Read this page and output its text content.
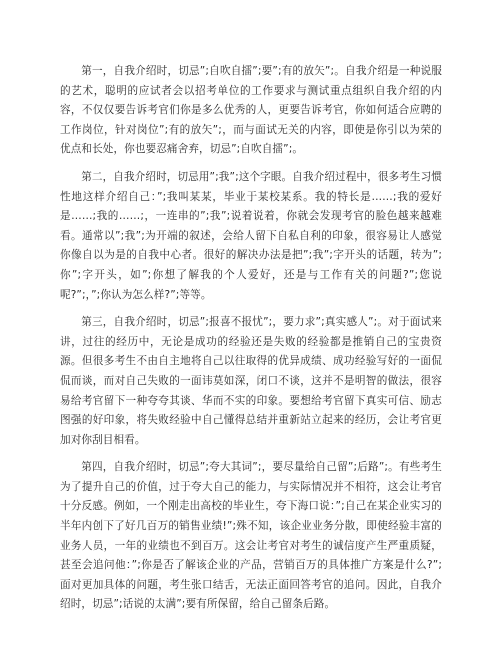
第一，自我介绍时，切忌”;自吹自擂”;要”;有的放矢”;。自我介绍是一种说服的艺术，聪明的应试者会以招考单位的工作要求与测试重点组织自我介绍的内容，不仅仅要告诉考官们你是多么优秀的人，更要告诉考官，你如何适合应聘的工作岗位，针对岗位”;有的放矢”;，而与面试无关的内容，即使是你引以为荣的优点和长处，你也要忍痛舍弃，切忌”;自吹自擂”;。

第二，自我介绍时，切忌用”;我”;这个字眼。自我介绍过程中，很多考生习惯性地这样介绍自己：”;我叫某某，毕业于某校某系。我的特长是……;我的爱好是……;我的……;，一连串的”;我”;说着说着，你就会发现考官的脸色越来越难看。通常以”;我”;为开端的叙述，会给人留下自私自利的印象，很容易让人感觉你像自以为是的自我中心者。很好的解决办法是把”;我”;字开头的话题，转为”;你”;字开头，如”;你想了解我的个人爱好，还是与工作有关的问题?”;您说呢?”;，”;你认为怎么样?”;等等。

第三，自我介绍时，切忌”;报喜不报忧”;，要力求”;真实感人”;。对于面试来讲，过往的经历中，无论是成功的经验还是失败的经验都是推销自己的宝贵资源。但很多考生不由自主地将自己以往取得的优异成绩、成功经验写好的一面侃侃而谈，而对自己失败的一面讳莫如深，闭口不谈，这并不是明智的做法，很容易给考官留下一种夸夸其谈、华而不实的印象。要想给考官留下真实可信、励志图强的好印象，将失败经验中自己懂得总结并重新站立起来的经历，会让考官更加对你刮目相看。

第四，自我介绍时，切忌”;夸大其词”;，要尽量给自己留”;后路”;。有些考生为了提升自己的价值，过于夸大自己的能力，与实际情况并不相符，这会让考官十分反感。例如，一个刚走出高校的毕业生，夸下海口说：”;自己在某企业实习的半年内创下了好几百万的销售业绩!”;殊不知，该企业业务分散，即使经验丰富的业务人员，一年的业绩也不到百万。这会让考官对考生的诚信度产生严重质疑，甚至会追问他：”;你是否了解该企业的产品，营销百万的具体推广方案是什么?”;面对更加具体的问题，考生张口结舌，无法正面回答考官的追问。因此，自我介绍时，切忌”;话说的太满”;要有所保留，给自己留条后路。
